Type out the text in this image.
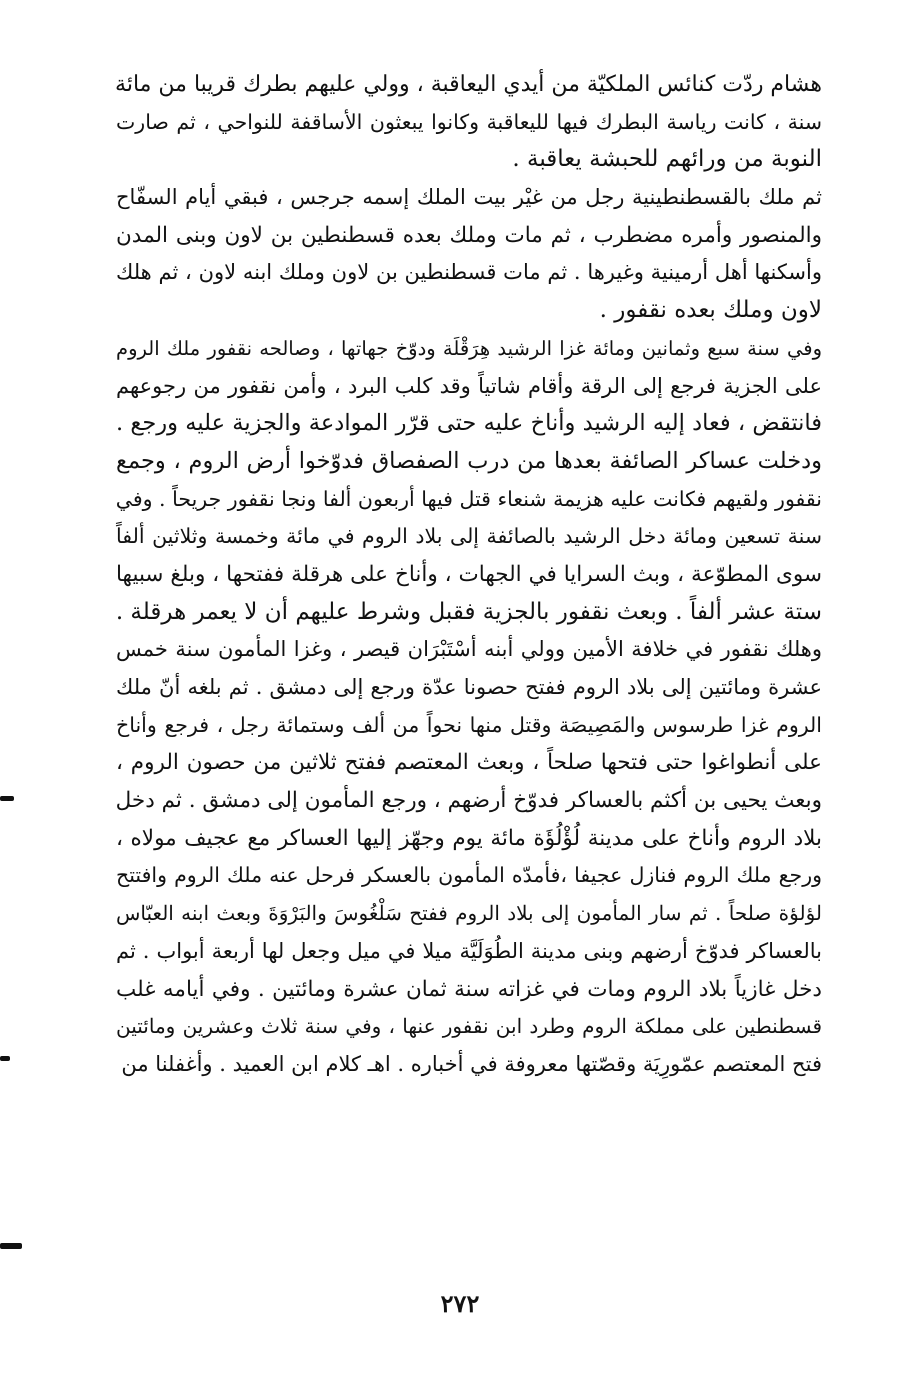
هشام ردّت كنائس الملكيّة من أيدي اليعاقبة ، وولي عليهم بطرك قريبا من مائة
سنة ، كانت رياسة البطرك فيها لليعاقبة وكانوا يبعثون الأساقفة للنواحي ، ثم صارت
النوبة من ورائهم للحبشة يعاقبة .
ثم ملك بالقسطنطينية رجل من غيْر بيت الملك إسمه جرجس ، فبقي أيام السفّاح
والمنصور وأمره مضطرب ، ثم مات وملك بعده قسطنطين بن لاون وبنى المدن
وأسكنها أهل أرمينية وغيرها . ثم مات قسطنطين بن لاون وملك ابنه لاون ، ثم هلك
لاون وملك بعده نقفور .
وفي سنة سبع وثمانين ومائة غزا الرشيد هِرَقْلَة ودوّخ جهاتها ، وصالحه نقفور ملك الروم
على الجزية فرجع إلى الرقة وأقام شاتياً وقد كلب البرد ، وأمن نقفور من رجوعهم
فانتقض ، فعاد إليه الرشيد وأناخ عليه حتى قرّر الموادعة والجزية عليه ورجع .
ودخلت عساكر الصائفة بعدها من درب الصفصاق فدوّخوا أرض الروم ، وجمع
نقفور ولقيهم فكانت عليه هزيمة شنعاء قتل فيها أربعون ألفا ونجا نقفور جريحاً . وفي
سنة تسعين ومائة دخل الرشيد بالصائفة إلى بلاد الروم في مائة وخمسة وثلاثين ألفاً
سوى المطوّعة ، وبث السرايا في الجهات ، وأناخ على هرقلة ففتحها ، وبلغ سبيها
ستة عشر ألفاً . وبعث نقفور بالجزية فقبل وشرط عليهم أن لا يعمر هرقلة .
وهلك نقفور في خلافة الأمين وولي أبنه أسْتَبْرَان قيصر ، وغزا المأمون سنة خمس
عشرة ومائتين إلى بلاد الروم ففتح حصونا عدّة ورجع إلى دمشق . ثم بلغه أنّ ملك
الروم غزا طرسوس والمَصِيصَة وقتل منها نحواً من ألف وستمائة رجل ، فرجع وأناخ
على أنطواغوا حتى فتحها صلحاً ، وبعث المعتصم ففتح ثلاثين من حصون الروم ،
وبعث يحيى بن أكثم بالعساكر فدوّخ أرضهم ، ورجع المأمون إلى دمشق . ثم دخل
بلاد الروم وأناخ على مدينة لُؤْلُؤَة مائة يوم وجهّز إليها العساكر مع عجيف مولاه ،
ورجع ملك الروم فنازل عجيفا ،فأمدّه المأمون بالعسكر فرحل عنه ملك الروم وافتتح
لؤلؤة صلحاً . ثم سار المأمون إلى بلاد الروم ففتح سَلْغُوسَ والبَرْوَةَ وبعث ابنه العبّاس
بالعساكر فدوّخ أرضهم وبنى مدينة الطُوَلَيَّة ميلا في ميل وجعل لها أربعة أبواب . ثم
دخل غازياً بلاد الروم ومات في غزاته سنة ثمان عشرة ومائتين . وفي أيامه غلب
قسطنطين على مملكة الروم وطرد ابن نقفور عنها ، وفي سنة ثلاث وعشرين ومائتين
فتح المعتصم عمّورِيَة وقصّتها معروفة في أخباره . اهـ كلام ابن العميد . وأغفلنا من
٢٧٢
